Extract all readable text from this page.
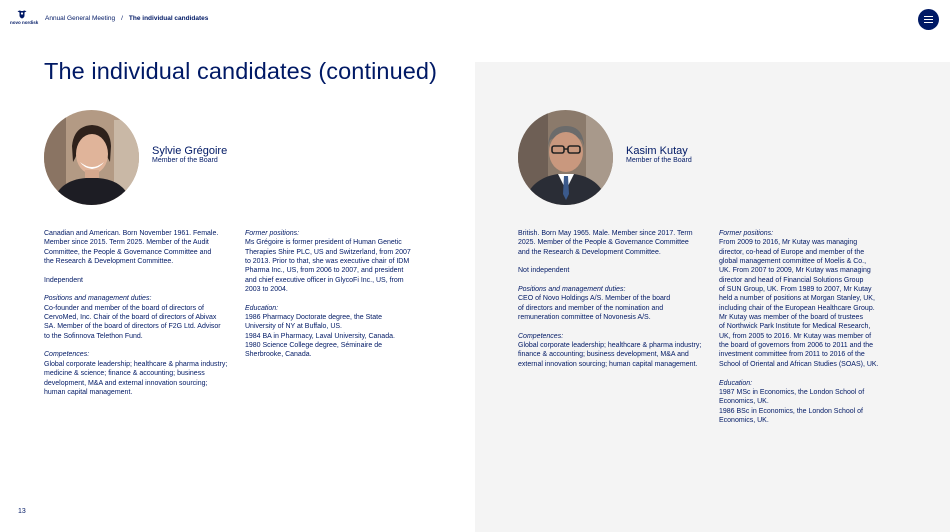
novo nordisk
Annual General Meeting / The individual candidates
The individual candidates (continued)
Sylvie Grégoire
Member of the Board
Kasim Kutay
Member of the Board

Canadian and American. Born November 1961. Female.
Member since 2015. Term 2025. Member of the Audit
Committee, the People & Governance Committee and
the Research & Development Committee.

Independent

Positions and management duties:
Co-founder and member of the board of directors of
CervoMed, Inc. Chair of the board of directors of Abivax
SA. Member of the board of directors of F2G Ltd. Advisor
to the Sofinnova Telethon Fund.

Competences:
Global corporate leadership; healthcare & pharma industry;
medicine & science; finance & accounting; business
development, M&A and external innovation sourcing;
human capital management.

Former positions:
Ms Grégoire is former president of Human Genetic
Therapies Shire PLC, US and Switzerland, from 2007
to 2013. Prior to that, she was executive chair of IDM
Pharma Inc., US, from 2006 to 2007, and president
and chief executive officer in GlycoFi Inc., US, from
2003 to 2004.

Education:
1986 Pharmacy Doctorate degree, the State
University of NY at Buffalo, US.
1984 BA in Pharmacy, Laval University, Canada.
1980 Science College degree, Séminaire de
Sherbrooke, Canada.

British. Born May 1965. Male. Member since 2017. Term
2025. Member of the People & Governance Committee
and the Research & Development Committee.

Not independent

Positions and management duties:
CEO of Novo Holdings A/S. Member of the board
of directors and member of the nomination and
remuneration committee of Novonesis A/S.

Competences:
Global corporate leadership; healthcare & pharma industry;
finance & accounting; business development, M&A and
external innovation sourcing; human capital management.

Former positions:
From 2009 to 2016, Mr Kutay was managing
director, co-head of Europe and member of the
global management committee of Moelis & Co.,
UK. From 2007 to 2009, Mr Kutay was managing
director and head of Financial Solutions Group
of SUN Group, UK. From 1989 to 2007, Mr Kutay
held a number of positions at Morgan Stanley, UK,
including chair of the European Healthcare Group.
Mr Kutay was member of the board of trustees
of Northwick Park Institute for Medical Research,
UK, from 2005 to 2016. Mr Kutay was member of
the board of governors from 2006 to 2011 and the
investment committee from 2011 to 2016 of the
School of Oriental and African Studies (SOAS), UK.

Education:
1987 MSc in Economics, the London School of
Economics, UK.
1986 BSc in Economics, the London School of
Economics, UK.

13
